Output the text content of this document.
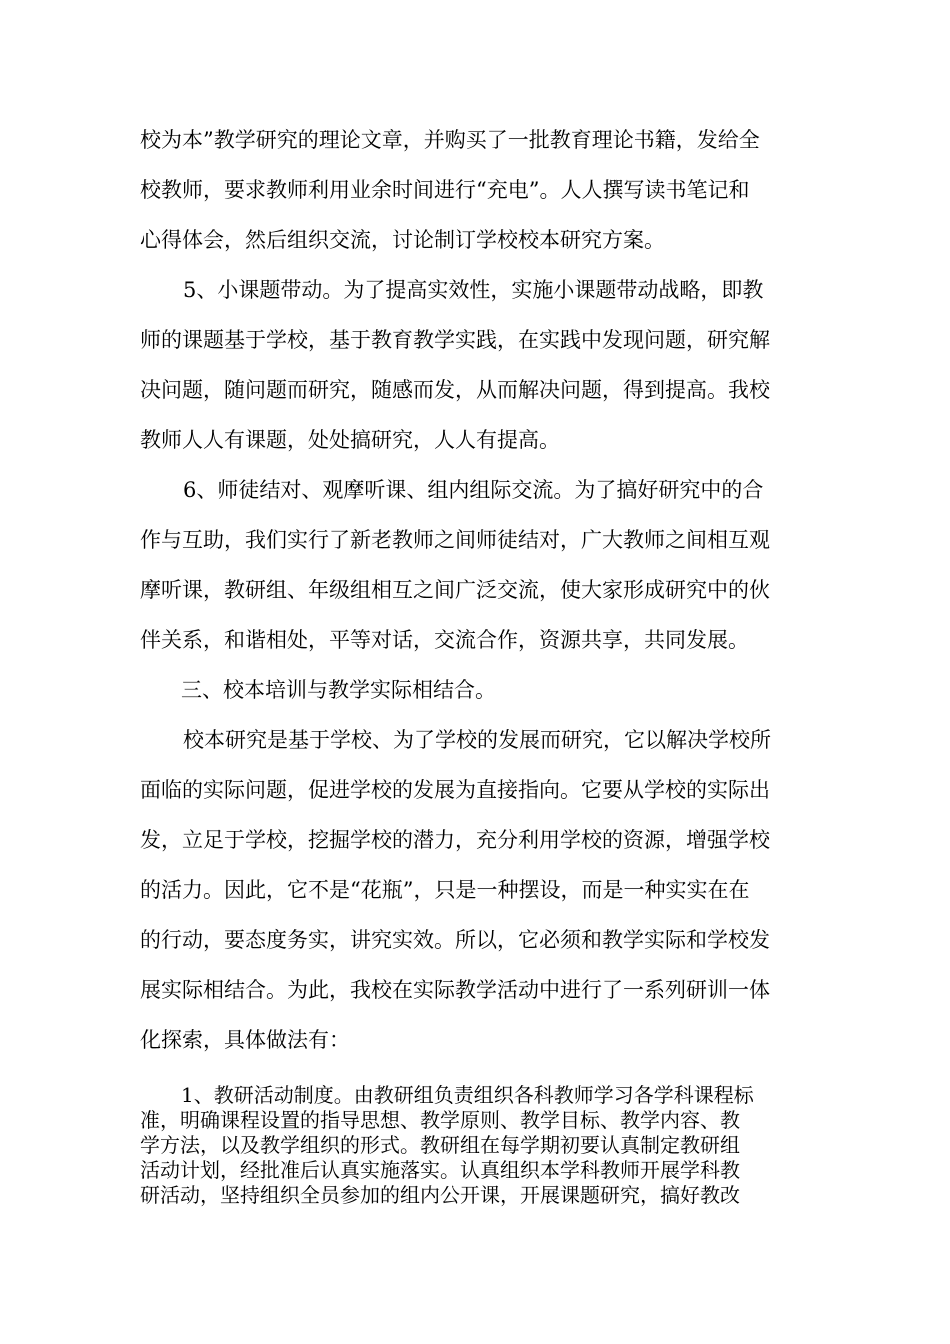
校为本”教学研究的理论文章，并购买了一批教育理论书籍，发给全
校教师，要求教师利用业余时间进行“充电”。人人撰写读书笔记和
心得体会，然后组织交流，讨论制订学校校本研究方案。
5、小课题带动。为了提高实效性，实施小课题带动战略，即教
师的课题基于学校，基于教育教学实践，在实践中发现问题，研究解
决问题，随问题而研究，随感而发，从而解决问题，得到提高。我校
教师人人有课题，处处搞研究，人人有提高。
6、师徒结对、观摩听课、组内组际交流。为了搞好研究中的合
作与互助，我们实行了新老教师之间师徒结对，广大教师之间相互观
摩听课，教研组、年级组相互之间广泛交流，使大家形成研究中的伙
伴关系，和谐相处，平等对话，交流合作，资源共享，共同发展。
三、校本培训与教学实际相结合。
校本研究是基于学校、为了学校的发展而研究，它以解决学校所
面临的实际问题，促进学校的发展为直接指向。它要从学校的实际出
发，立足于学校，挖掘学校的潜力，充分利用学校的资源，增强学校
的活力。因此，它不是“花瓶”，只是一种摆设，而是一种实实在在
的行动，要态度务实，讲究实效。所以，它必须和教学实际和学校发
展实际相结合。为此，我校在实际教学活动中进行了一系列研训一体
化探索，具体做法有：
1、教研活动制度。由教研组负责组织各科教师学习各学科课程标
准，明确课程设置的指导思想、教学原则、教学目标、教学内容、教
学方法，以及教学组织的形式。教研组在每学期初要认真制定教研组
活动计划，经批准后认真实施落实。认真组织本学科教师开展学科教
研活动，坚持组织全员参加的组内公开课，开展课题研究，搞好教改
